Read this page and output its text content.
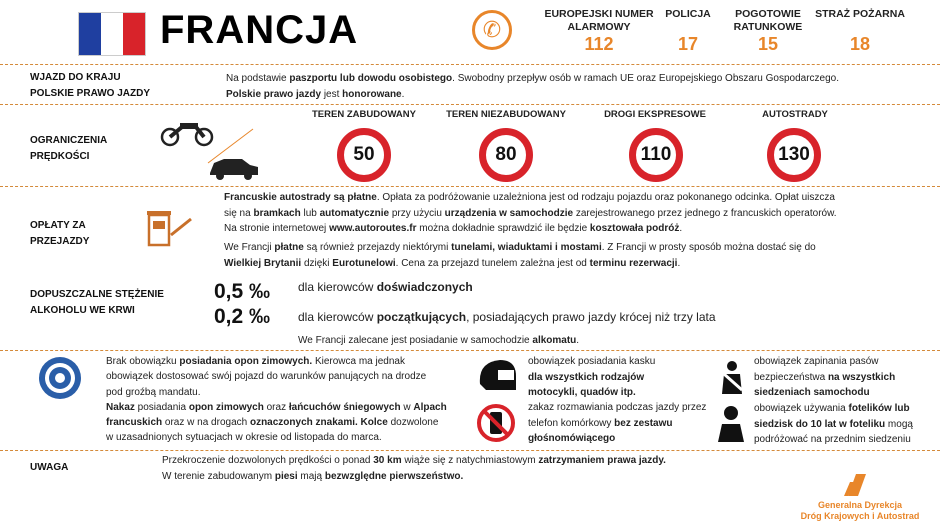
FRANCJA	✆
EUROPEJSKI NUMER ALARMOWY
112
POLICJA
17
POGOTOWIE RATUNKOWE
15
STRAŻ POŻARNA
18
WJAZD DO KRAJU
POLSKIE PRAWO JAZDY
Na podstawie paszportu lub dowodu osobistego. Swobodny przepływ osób w ramach UE oraz Europejskiego Obszaru Gospodarczego.
Polskie prawo jazdy jest honorowane.
OGRANICZENIA
PRĘDKOŚCI
TEREN ZABUDOWANY
50
TEREN NIEZABUDOWANY
80
DROGI EKSPRESOWE
110
AUTOSTRADY
130
OPŁATY ZA
PRZEJAZDY
Francuskie autostrady są płatne. Opłata za podróżowanie uzależniona jest od rodzaju pojazdu oraz pokonanego odcinka. Opłat uiszcza
się na bramkach lub automatycznie przy użyciu urządzenia w samochodzie zarejestrowanego przez jednego z francuskich operatorów.
Na stronie internetowej www.autoroutes.fr można dokładnie sprawdzić ile będzie kosztowała podróż.
We Francji płatne są również przejazdy niektórymi tunelami, wiaduktami i mostami. Z Francji w prosty sposób można dostać się do
Wielkiej Brytanii dzięki Eurotunelowi. Cena za przejazd tunelem zależna jest od terminu rezerwacji.
DOPUSZCZALNE STĘŻENIE
ALKOHOLU WE KRWI
0,5 ‰ dla kierowców doświadczonych
0,2 ‰ dla kierowców początkujących, posiadających prawo jazdy krócej niż trzy lata
We Francji zalecane jest posiadanie w samochodzie alkomatu.
Brak obowiązku posiadania opon zimowych. Kierowca ma jednak
obowiązek dostosować swój pojazd do warunków panujących na drodze
pod groźbą mandatu.
Nakaz posiadania opon zimowych oraz łańcuchów śniegowych w Alpach
francuskich oraz w na drogach oznaczonych znakami. Kolce dozwolone
w uzasadnionych sytuacjach w okresie od listopada do marca.
obowiązek posiadania kasku
dla wszystkich rodzajów
motocykli, quadów itp.
zakaz rozmawiania podczas jazdy przez
telefon komórkowy bez zestawu
głośnomówiącego
obowiązek zapinania pasów
bezpieczeństwa na wszystkich
siedzeniach samochodu
obowiązek używania fotelików lub
siedzisk do 10 lat w foteliku mogą
podróżować na przednim siedzeniu
UWAGA
Przekroczenie dozwolonych prędkości o ponad 30 km wiąże się z natychmiastowym zatrzymaniem prawa jazdy.
W terenie zabudowanym piesi mają bezwzględne pierwszeństwo.
Generalna Dyrekcja
Dróg Krajowych i Autostrad
